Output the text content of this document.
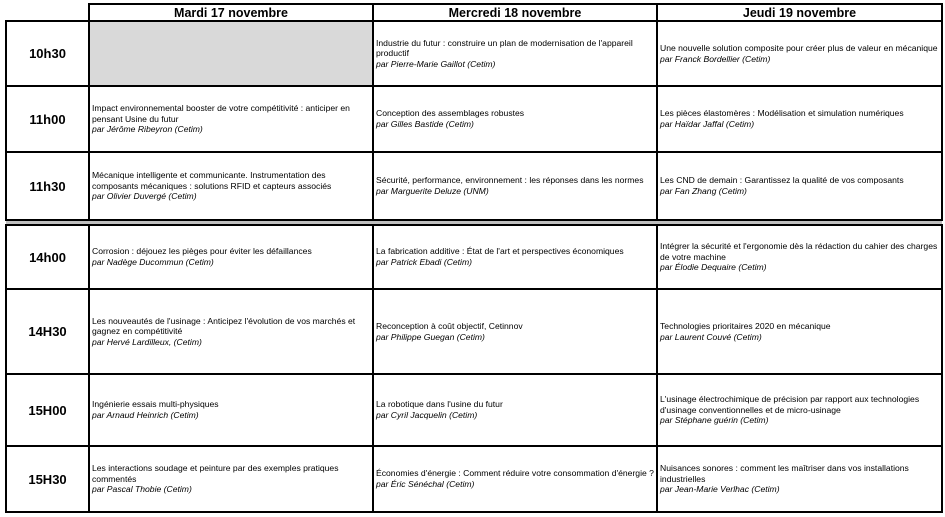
	Mardi 17 novembre	Mercredi 18 novembre	Jeudi 19 novembre
10h30		Industrie du futur : construire un plan de modernisation de l'appareil productif
par Pierre-Marie Gaillot (Cetim)	Une nouvelle solution composite pour créer plus de valeur en mécanique
par Franck Bordellier (Cetim)

11h00	Impact environnemental booster de votre compétitivité : anticiper en pensant Usine du futur
par Jérôme Ribeyron (Cetim)	Conception des assemblages robustes
par Gilles Bastide (Cetim)	Les pièces élastomères : Modélisation et simulation numériques
par Haïdar Jaffal (Cetim)

11h30	Mécanique intelligente et communicante. Instrumentation des composants mécaniques : solutions RFID et capteurs associés
par Olivier Duvergé (Cetim)	Sécurité, performance, environnement : les réponses dans les normes
par Marguerite Deluze (UNM)	Les CND de demain : Garantissez la qualité de vos composants
par Fan Zhang (Cetim)

14h00	Corrosion : déjouez les pièges pour éviter les défaillances
par Nadège Ducommun (Cetim)	La fabrication additive : État de l'art et perspectives économiques
par Patrick Ebadi (Cetim)	Intégrer la sécurité et l'ergonomie dès la rédaction du cahier des charges de votre machine
par Élodie Dequaire (Cetim)

14H30	Les nouveautés de l'usinage : Anticipez l'évolution de vos marchés et gagnez en compétitivité
par Hervé Lardilleux, (Cetim)	Reconception à coût objectif, Cetinnov
par Philippe Guegan (Cetim)	Technologies prioritaires 2020 en mécanique
par Laurent Couvé (Cetim)

15H00	Ingénierie essais multi-physiques
par Arnaud Heinrich (Cetim)	La robotique dans l'usine du futur
par Cyril Jacquelin (Cetim)	L'usinage électrochimique de précision par rapport aux technologies d'usinage conventionnelles et de micro-usinage
par Stéphane guérin (Cetim)

15H30	Les interactions soudage et peinture par des exemples pratiques commentés
par Pascal Thobie (Cetim)	Économies d'énergie : Comment réduire votre consommation d'énergie ?
par Éric Sénéchal (Cetim)	Nuisances sonores : comment les maîtriser dans vos installations industrielles
par Jean-Marie Verlhac (Cetim)
